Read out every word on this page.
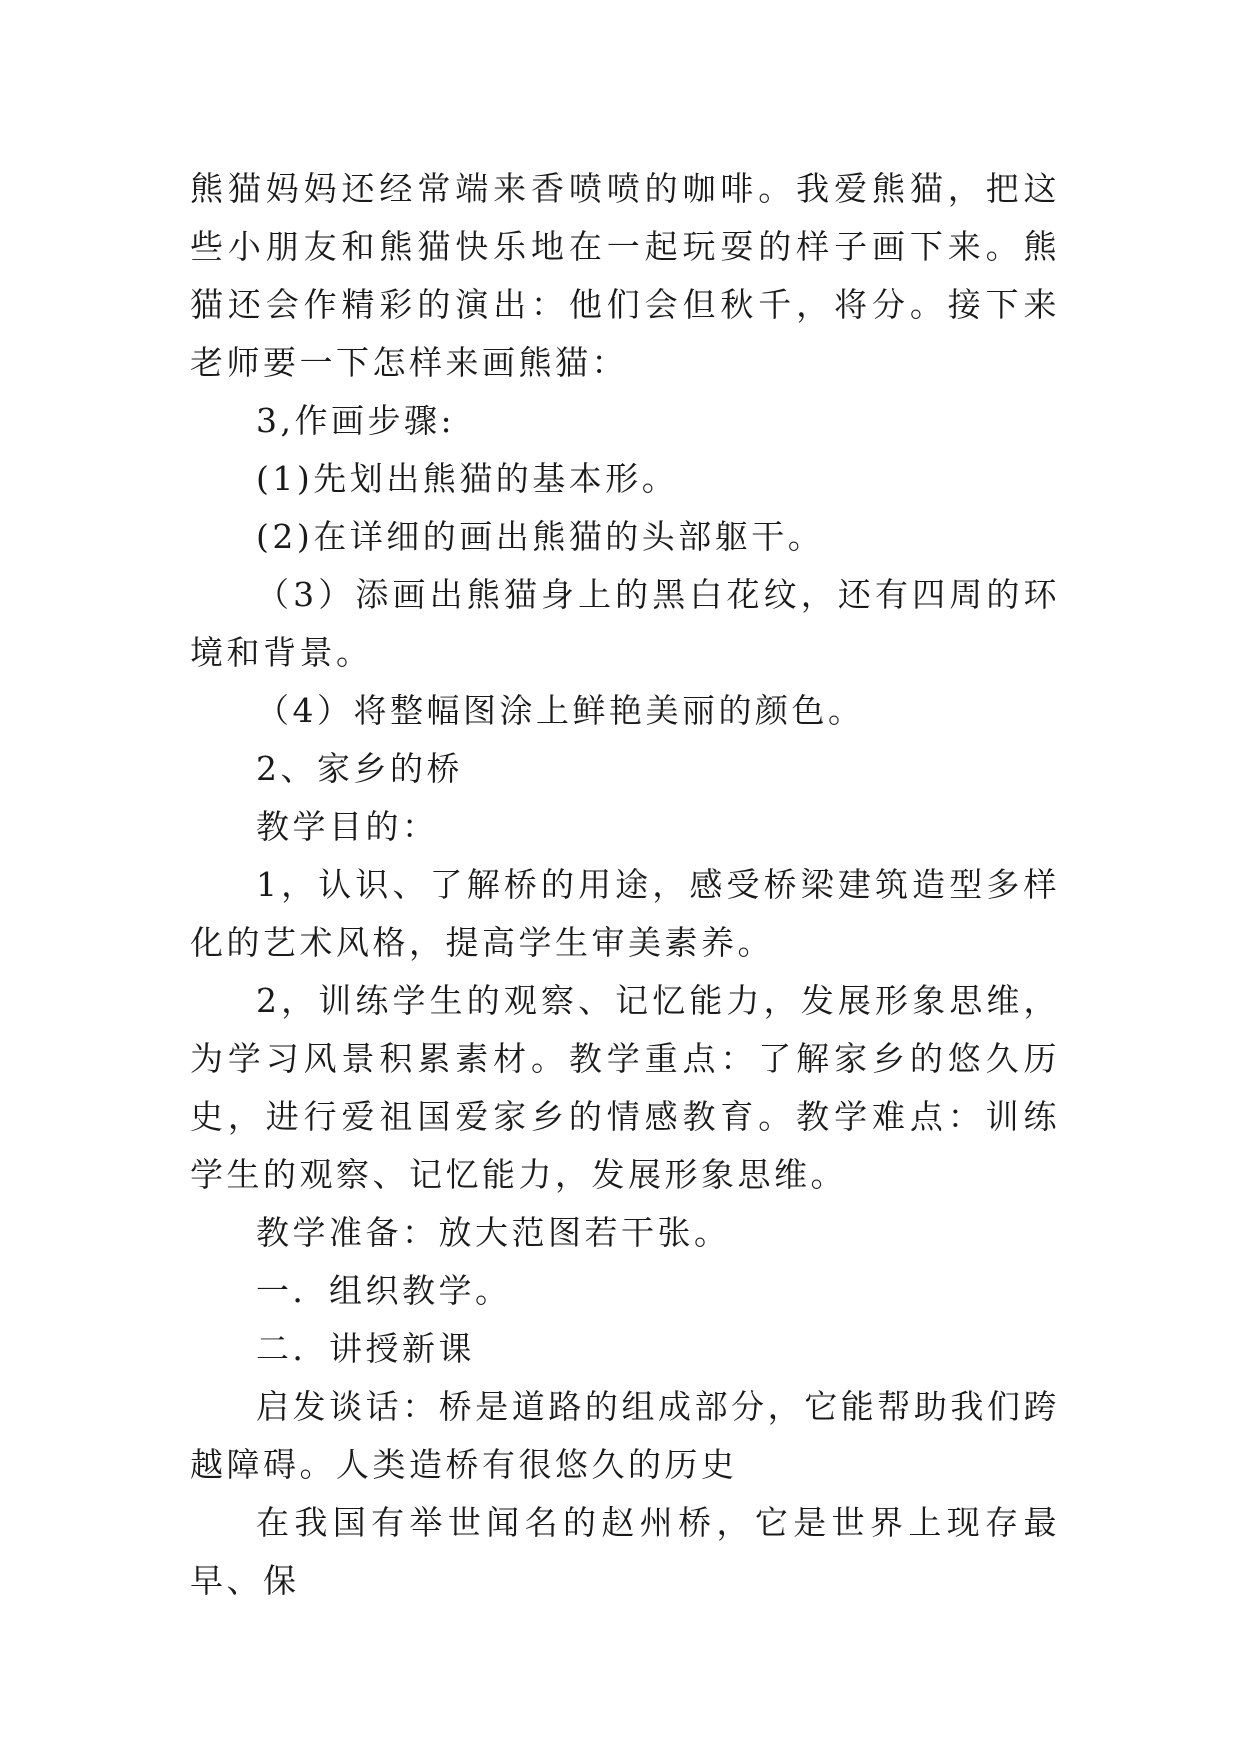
熊猫妈妈还经常端来香喷喷的咖啡。我爱熊猫，把这些小朋友和熊猫快乐地在一起玩耍的样子画下来。熊猫还会作精彩的演出：他们会但秋千，将分。接下来老师要一下怎样来画熊猫：

3,作画步骤:

(1)先划出熊猫的基本形。

(2)在详细的画出熊猫的头部躯干。

（3）添画出熊猫身上的黑白花纹，还有四周的环境和背景。

（4）将整幅图涂上鲜艳美丽的颜色。

2、家乡的桥

教学目的：

1，认识、了解桥的用途，感受桥梁建筑造型多样化的艺术风格，提高学生审美素养。

2，训练学生的观察、记忆能力，发展形象思维，为学习风景积累素材。教学重点：了解家乡的悠久历史，进行爱祖国爱家乡的情感教育。教学难点：训练学生的观察、记忆能力，发展形象思维。

教学准备：放大范图若干张。

一．组织教学。

二．讲授新课

启发谈话：桥是道路的组成部分，它能帮助我们跨越障碍。人类造桥有很悠久的历史

在我国有举世闻名的赵州桥，它是世界上现存最早、保
